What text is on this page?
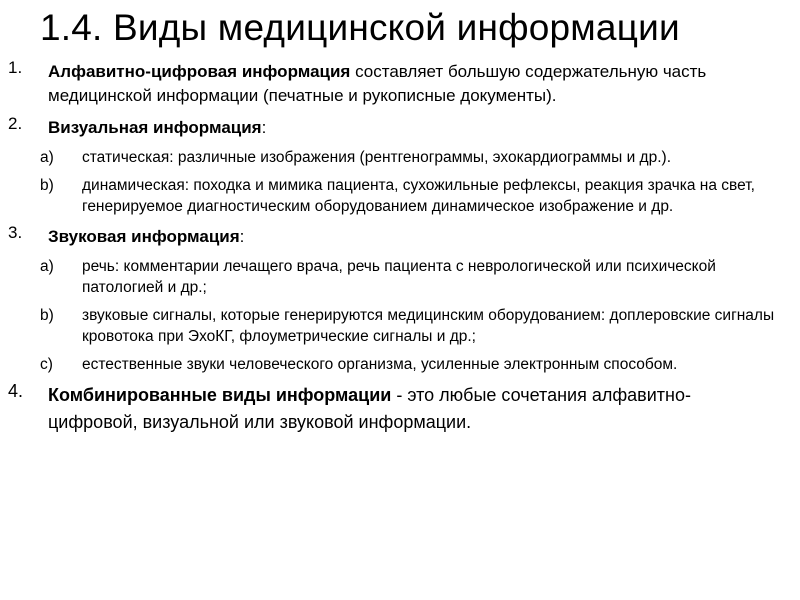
1.4. Виды медицинской информации
1. Алфавитно-цифровая информация составляет большую содержательную часть медицинской информации (печатные и рукописные документы).
2. Визуальная информация:
a) статическая: различные изображения (рентгенограммы, эхокардиограммы и др.).
b) динамическая: походка и мимика пациента, сухожильные рефлексы, реакция зрачка на свет, генерируемое диагностическим оборудованием динамическое изображение и др.
3. Звуковая информация:
a) речь: комментарии лечащего врача, речь пациента с неврологической или психической патологией и др.;
b) звуковые сигналы, которые генерируются медицинским оборудованием: доплеровские сигналы кровотока при ЭхоКГ, флоуметрические сигналы и др.;
c) естественные звуки человеческого организма, усиленные электронным способом.
4. Комбинированные виды информации - это любые сочетания алфавитно-цифровой, визуальной или звуковой информации.
